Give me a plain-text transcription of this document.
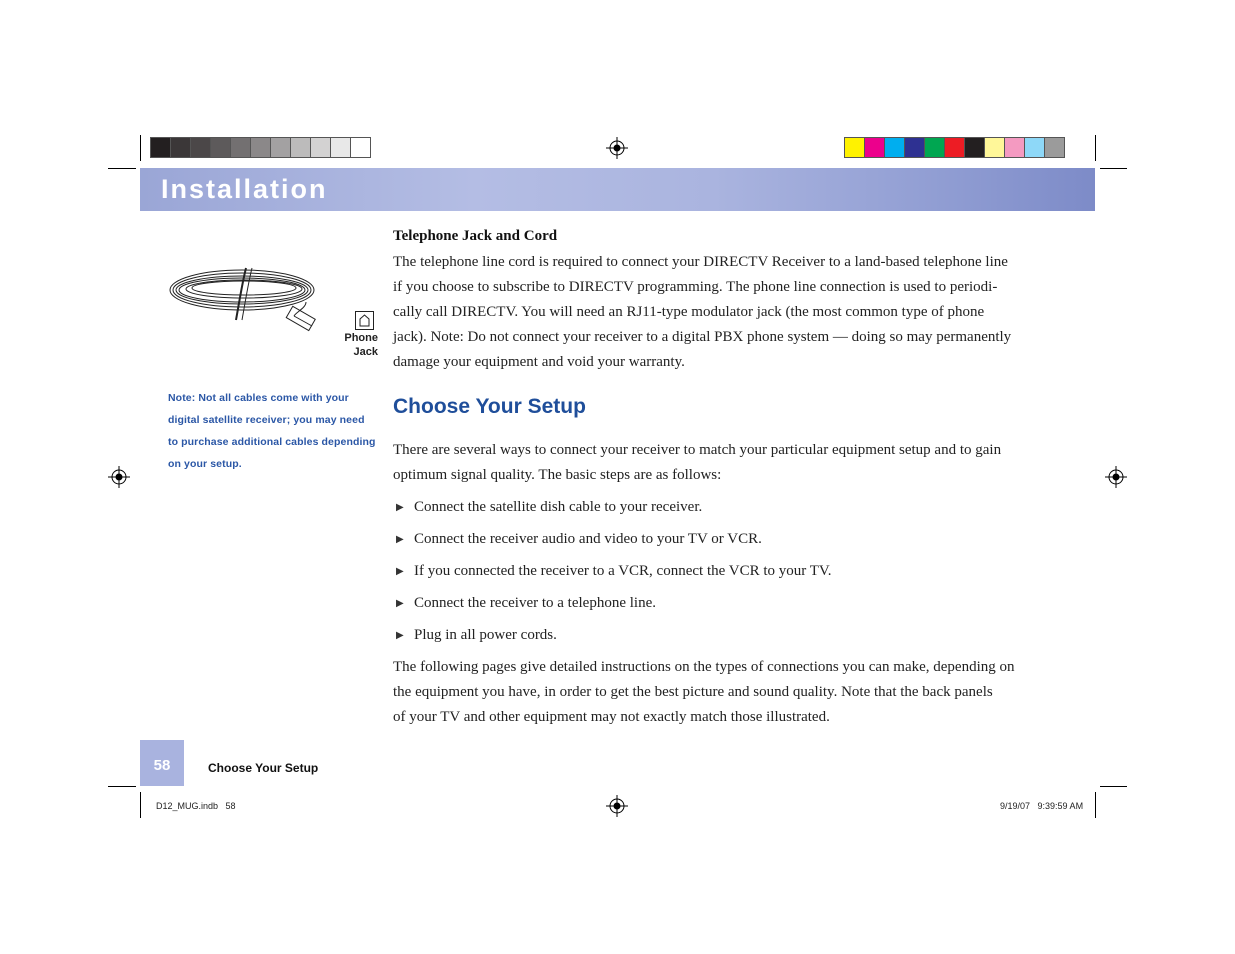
Installation
Phone
Jack
Note: Not all cables come with your
digital satellite receiver; you may need
to purchase additional cables depending
on your setup.
Telephone Jack and Cord
The telephone line cord is required to connect your DIRECTV Receiver to a land-based telephone line
if you choose to subscribe to DIRECTV programming. The phone line connection is used to periodi-
cally call DIRECTV. You will need an RJ11-type modulator jack (the most common type of phone
jack). Note: Do not connect your receiver to a digital PBX phone system — doing so may permanently
damage your equipment and void your warranty.
Choose Your Setup
There are several ways to connect your receiver to match your particular equipment setup and to gain
optimum signal quality. The basic steps are as follows:
▶ Connect the satellite dish cable to your receiver.
▶ Connect the receiver audio and video to your TV or VCR.
▶ If you connected the receiver to a VCR, connect the VCR to your TV.
▶ Connect the receiver to a telephone line.
▶ Plug in all power cords.
The following pages give detailed instructions on the types of connections you can make, depending on
the equipment you have, in order to get the best picture and sound quality. Note that the back panels
of your TV and other equipment may not exactly match those illustrated.
58	Choose Your Setup
D12_MUG.indb   58	9/19/07   9:39:59 AM
